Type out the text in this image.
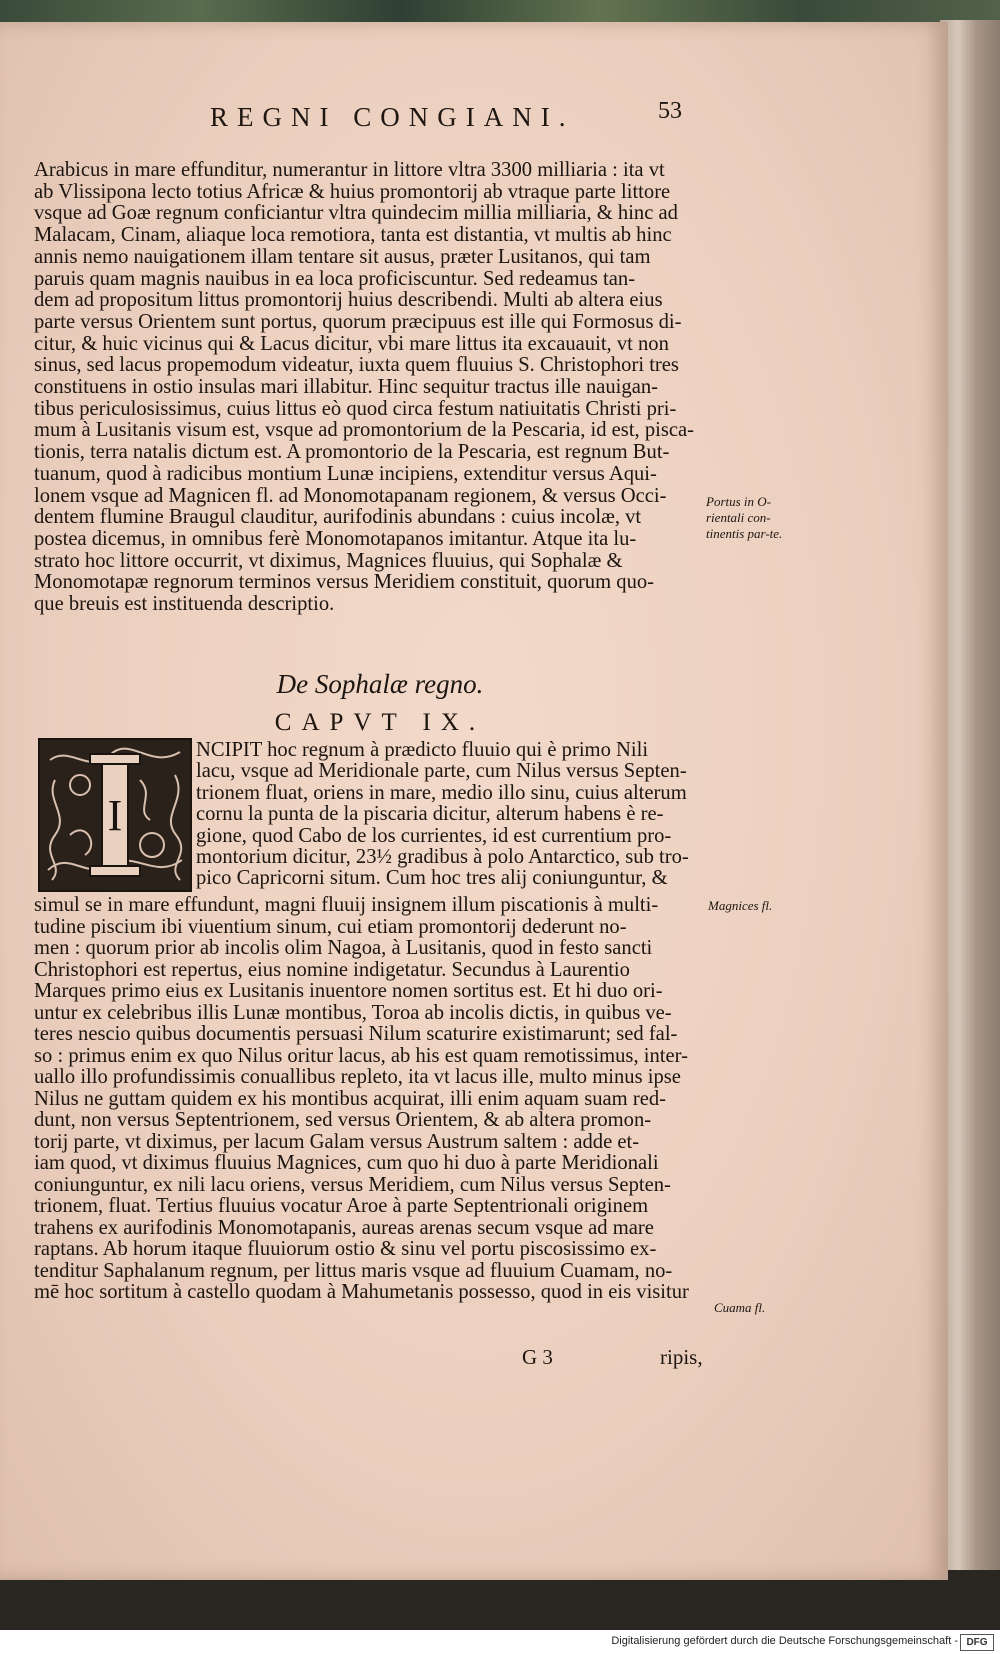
REGNI CONGIANI.	53
Arabicus in mare effunditur, numerantur in littore vltra 3300 milliaria : ita vt
ab Vlissipona lecto totius Africæ & huius promontorij ab vtraque parte littore
vsque ad Goæ regnum conficiantur vltra quindecim millia milliaria, & hinc ad
Malacam, Cinam, aliaque loca remotiora, tanta est distantia, vt multis ab hinc
annis nemo nauigationem illam tentare sit ausus, præter Lusitanos, qui tam
paruis quam magnis nauibus in ea loca proficiscuntur. Sed redeamus tan-
dem ad propositum littus promontorij huius describendi. Multi ab altera eius
parte versus Orientem sunt portus, quorum præcipuus est ille qui Formosus di-
citur, & huic vicinus qui & Lacus dicitur, vbi mare littus ita excauauit, vt non
sinus, sed lacus propemodum videatur, iuxta quem fluuius S. Christophori tres
constituens in ostio insulas mari illabitur. Hinc sequitur tractus ille nauigan-
tibus periculosissimus, cuius littus eò quod circa festum natiuitatis Christi pri-
mum à Lusitanis visum est, vsque ad promontorium de la Pescaria, id est, pisca-
tionis, terra natalis dictum est. A promontorio de la Pescaria, est regnum But-
tuanum, quod à radicibus montium Lunæ incipiens, extenditur versus Aqui-
lonem vsque ad Magnicen fl. ad Monomotapanam regionem, & versus Occi-
dentem flumine Braugul clauditur, aurifodinis abundans : cuius incolæ, vt
postea dicemus, in omnibus ferè Monomotapanos imitantur. Atque ita lu-
strato hoc littore occurrit, vt diximus, Magnices fluuius, qui Sophalæ &
Monomotapæ regnorum terminos versus Meridiem constituit, quorum quo-
que breuis est instituenda descriptio.
Portus in O-rientali con-tinentis par-te.
De Sophalæ regno.
CAPVT IX.
I
NCIPIT hoc regnum à prædicto fluuio qui è primo Nili
lacu, vsque ad Meridionale parte, cum Nilus versus Septen-
trionem fluat, oriens in mare, medio illo sinu, cuius alterum
cornu la punta de la piscaria dicitur, alterum habens è re-
gione, quod Cabo de los currientes, id est currentium pro-
montorium dicitur, 23½ gradibus à polo Antarctico, sub tro-
pico Capricorni situm. Cum hoc tres alij coniunguntur, &
simul se in mare effundunt, magni fluuij insignem illum piscationis à multi-
tudine piscium ibi viuentium sinum, cui etiam promontorij dederunt no-
men : quorum prior ab incolis olim Nagoa, à Lusitanis, quod in festo sancti
Christophori est repertus, eius nomine indigetatur. Secundus à Laurentio
Marques primo eius ex Lusitanis inuentore nomen sortitus est. Et hi duo ori-
untur ex celebribus illis Lunæ montibus, Toroa ab incolis dictis, in quibus ve-
teres nescio quibus documentis persuasi Nilum scaturire existimarunt; sed fal-
so : primus enim ex quo Nilus oritur lacus, ab his est quam remotissimus, inter-
uallo illo profundissimis conuallibus repleto, ita vt lacus ille, multo minus ipse
Nilus ne guttam quidem ex his montibus acquirat, illi enim aquam suam red-
dunt, non versus Septentrionem, sed versus Orientem, & ab altera promon-
torij parte, vt diximus, per lacum Galam versus Austrum saltem : adde et-
iam quod, vt diximus fluuius Magnices, cum quo hi duo à parte Meridionali
coniunguntur, ex nili lacu oriens, versus Meridiem, cum Nilus versus Septen-
trionem, fluat. Tertius fluuius vocatur Aroe à parte Septentrionali originem
trahens ex aurifodinis Monomotapanis, aureas arenas secum vsque ad mare
raptans. Ab horum itaque fluuiorum ostio & sinu vel portu piscosissimo ex-
tenditur Saphalanum regnum, per littus maris vsque ad fluuium Cuamam, no-
mē hoc sortitum à castello quodam à Mahumetanis possesso, quod in eis visitur
Magnices fl.
Cuama fl.
G 3	ripis,
Digitalisierung gefördert durch die Deutsche Forschungsgemeinschaft - DFG
